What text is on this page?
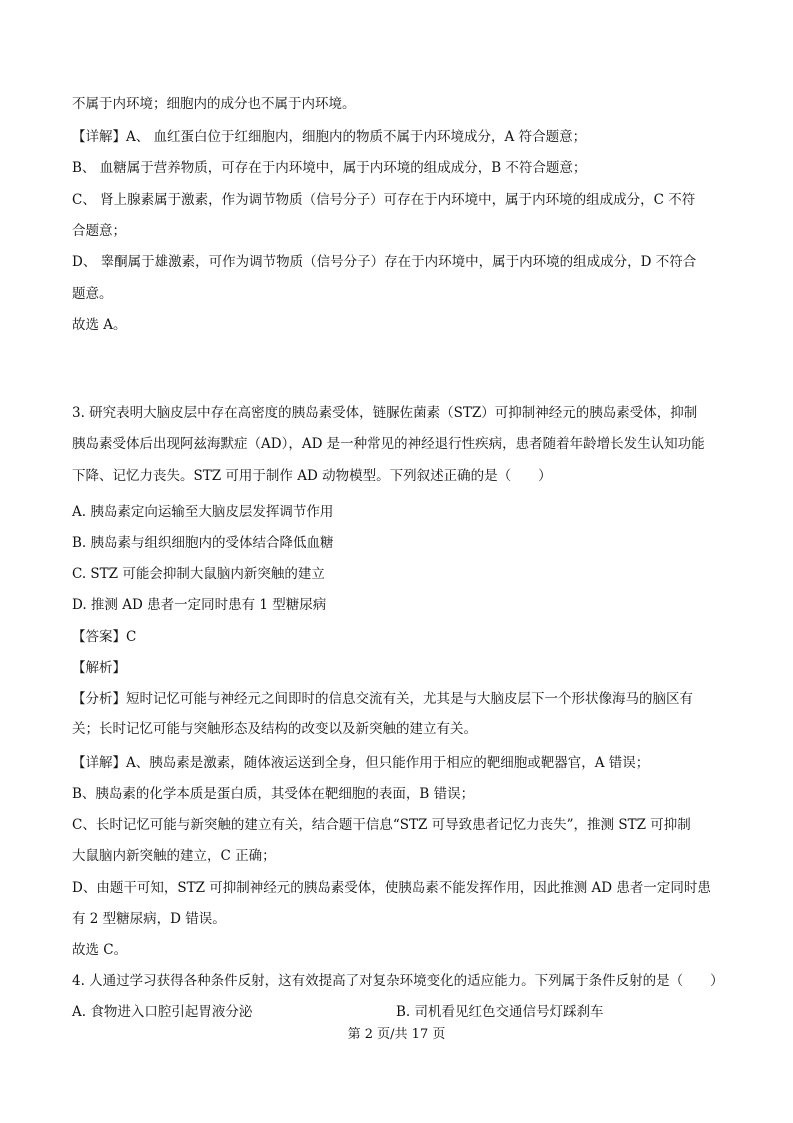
不属于内环境；细胞内的成分也不属于内环境。
【详解】A、 血红蛋白位于红细胞内，细胞内的物质不属于内环境成分，A 符合题意；
B、 血糖属于营养物质，可存在于内环境中，属于内环境的组成成分，B 不符合题意；
C、 肾上腺素属于激素，作为调节物质（信号分子）可存在于内环境中，属于内环境的组成成分，C 不符
合题意；
D、 睾酮属于雄激素，可作为调节物质（信号分子）存在于内环境中，属于内环境的组成成分，D 不符合
题意。
故选 A。
3. 研究表明大脑皮层中存在高密度的胰岛素受体，链脲佐菌素（STZ）可抑制神经元的胰岛素受体，抑制
胰岛素受体后出现阿兹海默症（AD），AD 是一种常见的神经退行性疾病，患者随着年龄增长发生认知功能
下降、记忆力丧失。STZ 可用于制作 AD 动物模型。下列叙述正确的是（　　）
A. 胰岛素定向运输至大脑皮层发挥调节作用
B. 胰岛素与组织细胞内的受体结合降低血糖
C. STZ 可能会抑制大鼠脑内新突触的建立
D. 推测 AD 患者一定同时患有 1 型糖尿病
【答案】C
【解析】
【分析】短时记忆可能与神经元之间即时的信息交流有关，尤其是与大脑皮层下一个形状像海马的脑区有
关；长时记忆可能与突触形态及结构的改变以及新突触的建立有关。
【详解】A、胰岛素是激素，随体液运送到全身，但只能作用于相应的靶细胞或靶器官，A 错误；
B、胰岛素的化学本质是蛋白质，其受体在靶细胞的表面，B 错误；
C、长时记忆可能与新突触的建立有关，结合题干信息“STZ 可导致患者记忆力丧失”，推测 STZ 可抑制
大鼠脑内新突触的建立，C 正确；
D、由题干可知，STZ 可抑制神经元的胰岛素受体，使胰岛素不能发挥作用，因此推测 AD 患者一定同时患
有 2 型糖尿病，D 错误。
故选 C。
4. 人通过学习获得各种条件反射，这有效提高了对复杂环境变化的适应能力。下列属于条件反射的是（　　）
A. 食物进入口腔引起胃液分泌	B. 司机看见红色交通信号灯踩刹车
第 2 页/共 17 页
